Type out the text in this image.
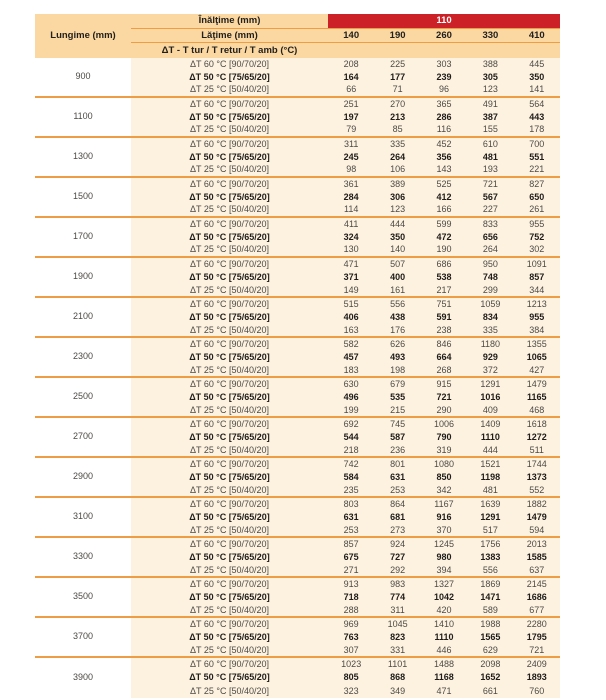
Lungime (mm)
Înălţime (mm)	110
Lăţime (mm)	140	190	260	330	410
ΔT - T tur / T retur / T amb (°C)
900
ΔT 60 °C [90/70/20]	208	225	303	388	445
ΔT 50 °C [75/65/20]	164	177	239	305	350
ΔT 25 °C [50/40/20]	66	71	96	123	141
1100
ΔT 60 °C [90/70/20]	251	270	365	491	564
ΔT 50 °C [75/65/20]	197	213	286	387	443
ΔT 25 °C [50/40/20]	79	85	116	155	178
1300
ΔT 60 °C [90/70/20]	311	335	452	610	700
ΔT 50 °C [75/65/20]	245	264	356	481	551
ΔT 25 °C [50/40/20]	98	106	143	193	221
1500
ΔT 60 °C [90/70/20]	361	389	525	721	827
ΔT 50 °C [75/65/20]	284	306	412	567	650
ΔT 25 °C [50/40/20]	114	123	166	227	261
1700
ΔT 60 °C [90/70/20]	411	444	599	833	955
ΔT 50 °C [75/65/20]	324	350	472	656	752
ΔT 25 °C [50/40/20]	130	140	190	264	302
1900
ΔT 60 °C [90/70/20]	471	507	686	950	1091
ΔT 50 °C [75/65/20]	371	400	538	748	857
ΔT 25 °C [50/40/20]	149	161	217	299	344
2100
ΔT 60 °C [90/70/20]	515	556	751	1059	1213
ΔT 50 °C [75/65/20]	406	438	591	834	955
ΔT 25 °C [50/40/20]	163	176	238	335	384
2300
ΔT 60 °C [90/70/20]	582	626	846	1180	1355
ΔT 50 °C [75/65/20]	457	493	664	929	1065
ΔT 25 °C [50/40/20]	183	198	268	372	427
2500
ΔT 60 °C [90/70/20]	630	679	915	1291	1479
ΔT 50 °C [75/65/20]	496	535	721	1016	1165
ΔT 25 °C [50/40/20]	199	215	290	409	468
2700
ΔT 60 °C [90/70/20]	692	745	1006	1409	1618
ΔT 50 °C [75/65/20]	544	587	790	1110	1272
ΔT 25 °C [50/40/20]	218	236	319	444	511
2900
ΔT 60 °C [90/70/20]	742	801	1080	1521	1744
ΔT 50 °C [75/65/20]	584	631	850	1198	1373
ΔT 25 °C [50/40/20]	235	253	342	481	552
3100
ΔT 60 °C [90/70/20]	803	864	1167	1639	1882
ΔT 50 °C [75/65/20]	631	681	916	1291	1479
ΔT 25 °C [50/40/20]	253	273	370	517	594
3300
ΔT 60 °C [90/70/20]	857	924	1245	1756	2013
ΔT 50 °C [75/65/20]	675	727	980	1383	1585
ΔT 25 °C [50/40/20]	271	292	394	556	637
3500
ΔT 60 °C [90/70/20]	913	983	1327	1869	2145
ΔT 50 °C [75/65/20]	718	774	1042	1471	1686
ΔT 25 °C [50/40/20]	288	311	420	589	677
3700
ΔT 60 °C [90/70/20]	969	1045	1410	1988	2280
ΔT 50 °C [75/65/20]	763	823	1110	1565	1795
ΔT 25 °C [50/40/20]	307	331	446	629	721
3900
ΔT 60 °C [90/70/20]	1023	1101	1488	2098	2409
ΔT 50 °C [75/65/20]	805	868	1168	1652	1893
ΔT 25 °C [50/40/20]	323	349	471	661	760
